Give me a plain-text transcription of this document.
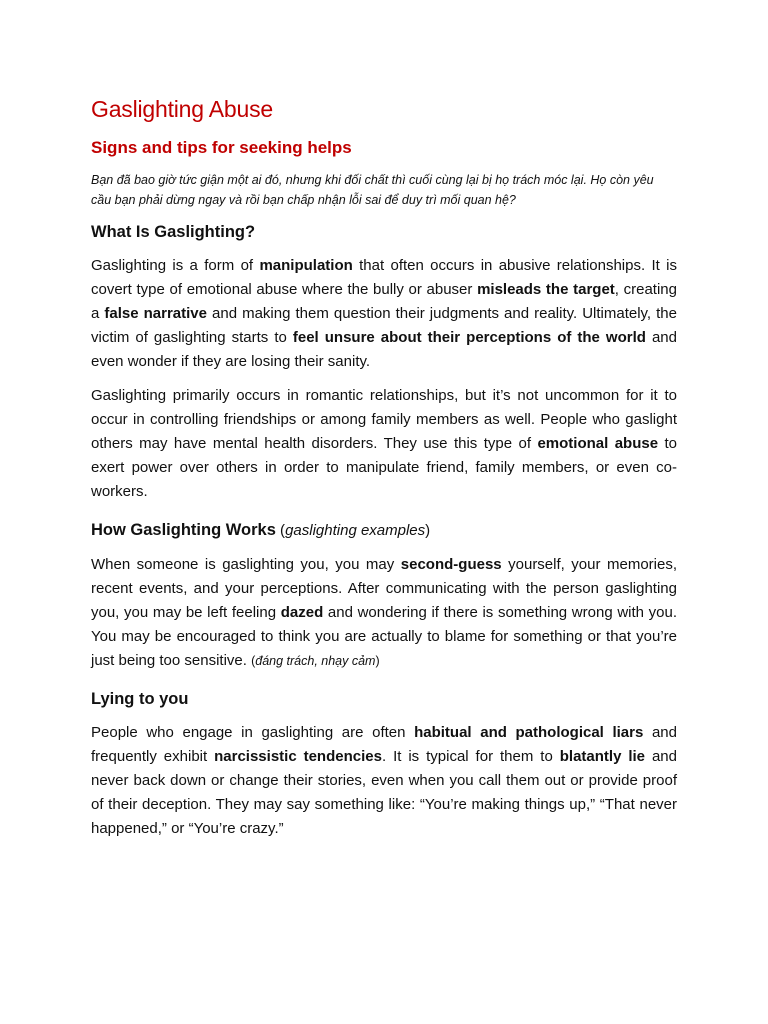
Gaslighting Abuse
Signs and tips for seeking helps

Bạn đã bao giờ tức giận một ai đó, nhưng khi đối chất thì cuối cùng lại bị họ trách móc lại. Họ còn yêu cầu bạn phải dừng ngay và rồi bạn chấp nhận lỗi sai để duy trì mối quan hệ?

What Is Gaslighting?

Gaslighting is a form of manipulation that often occurs in abusive relationships. It is covert type of emotional abuse where the bully or abuser misleads the target, creating a false narrative and making them question their judgments and reality. Ultimately, the victim of gaslighting starts to feel unsure about their perceptions of the world and even wonder if they are losing their sanity.

Gaslighting primarily occurs in romantic relationships, but it’s not uncommon for it to occur in controlling friendships or among family members as well. People who gaslight others may have mental health disorders. They use this type of emotional abuse to exert power over others in order to manipulate friend, family members, or even co-workers.

How Gaslighting Works (gaslighting examples)

When someone is gaslighting you, you may second-guess yourself, your memories, recent events, and your perceptions. After communicating with the person gaslighting you, you may be left feeling dazed and wondering if there is something wrong with you. You may be encouraged to think you are actually to blame for something or that you’re just being too sensitive. (đáng trách, nhạy cảm)

Lying to you

People who engage in gaslighting are often habitual and pathological liars and frequently exhibit narcissistic tendencies. It is typical for them to blatantly lie and never back down or change their stories, even when you call them out or provide proof of their deception. They may say something like: “You’re making things up,” “That never happened,” or “You’re crazy.”
